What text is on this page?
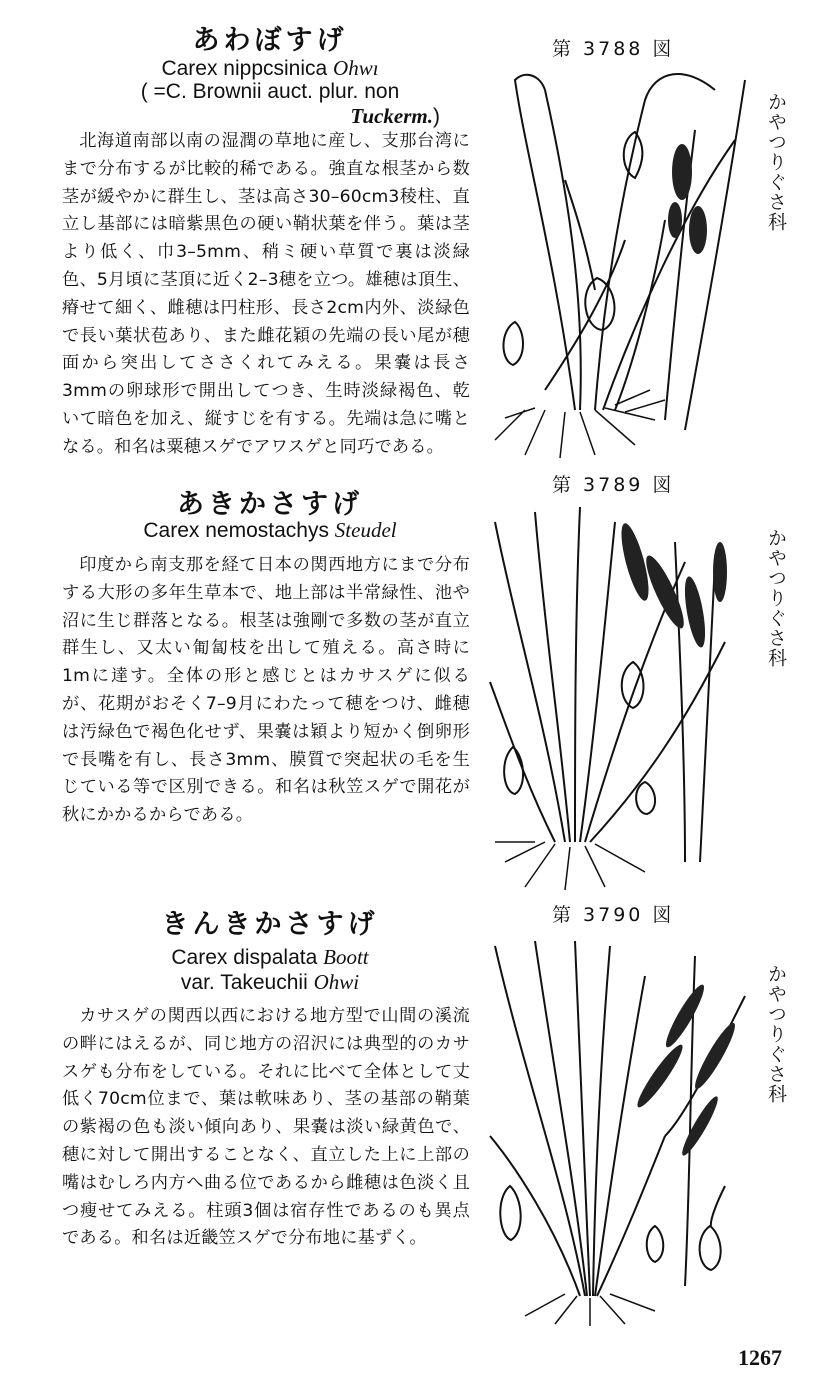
あわぼすげ
Carex nippcsinica Ohwı
( =C. Brownii auct. plur. non
Tuckerm.)
北海道南部以南の湿潤の草地に産し、支那台湾にまで分布するが比較的稀である。強直な根茎から数茎が緩やかに群生し、茎は高さ30–60cm3稜柱、直立し基部には暗紫黒色の硬い鞘状葉を伴う。葉は茎より低く、巾3–5mm、稍ミ硬い草質で裏は淡緑色、5月頃に茎頂に近く2–3穂を立つ。雄穂は頂生、瘠せて細く、雌穂は円柱形、長さ2cm内外、淡緑色で長い葉状苞あり、また雌花穎の先端の長い尾が穂面から突出してささくれてみえる。果嚢は長さ3mmの卵球形で開出してつき、生時淡緑褐色、乾いて暗色を加え、縦すじを有する。先端は急に嘴となる。和名は粟穂スゲでアワスゲと同巧である。
第 3788 図
かやつりぐさ科
あきかさすげ
Carex nemostachys Steudel
印度から南支那を経て日本の関西地方にまで分布する大形の多年生草本で、地上部は半常緑性、池や沼に生じ群落となる。根茎は強剛で多数の茎が直立群生し、又太い匍匐枝を出して殖える。高さ時に1mに達す。全体の形と感じとはカサスゲに似るが、花期がおそく7–9月にわたって穂をつけ、雌穂は汚緑色で褐色化せず、果嚢は穎より短かく倒卵形で長嘴を有し、長さ3mm、膜質で突起状の毛を生じている等で区別できる。和名は秋笠スゲで開花が秋にかかるからである。
第 3789 図
かやつりぐさ科
きんきかさすげ
Carex dispalata Boott
var. Takeuchii Ohwi
カサスゲの関西以西における地方型で山間の溪流の畔にはえるが、同じ地方の沼沢には典型的のカサスゲも分布をしている。それに比べて全体として丈低く70cm位まで、葉は軟味あり、茎の基部の鞘葉の紫褐の色も淡い傾向あり、果嚢は淡い緑黄色で、穂に対して開出することなく、直立した上に上部の嘴はむしろ内方へ曲る位であるから雌穂は色淡く且つ瘦せてみえる。柱頭3個は宿存性であるのも異点である。和名は近畿笠スゲで分布地に基ずく。
第 3790 図
かやつりぐさ科
1267
